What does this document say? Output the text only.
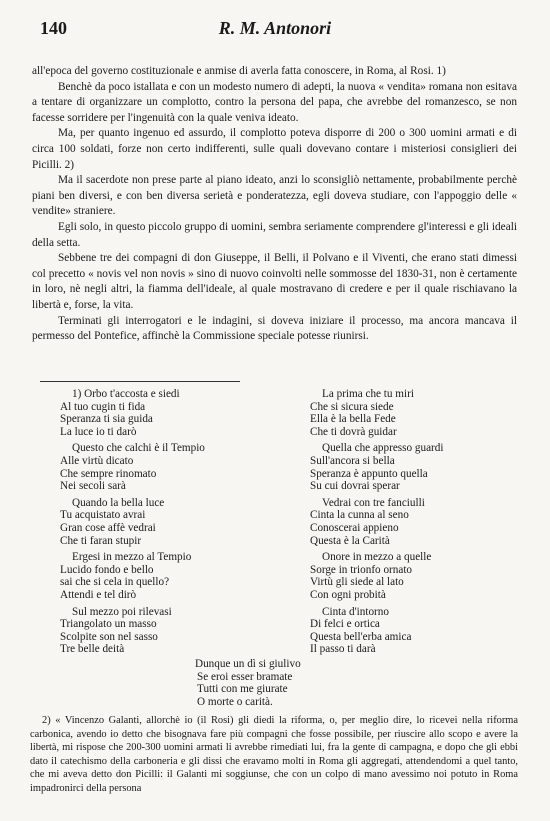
140	R. M. Antonori

all'epoca del governo costituzionale e anmise di averla fatta conoscere, in Roma, al Rosi. 1)

Benchè da poco istallata e con un modesto numero di adepti, la nuova « vendita» romana non esitava a tentare di organizzare un complotto, contro la persona del papa, che avrebbe del romanzesco, se non facesse sorridere per l'ingenuità con la quale veniva ideato.

Ma, per quanto ingenuo ed assurdo, il complotto poteva disporre di 200 o 300 uomini armati e di circa 100 soldati, forze non certo indifferenti, sulle quali dovevano contare i misteriosi consiglieri dei Picilli. 2)

Ma il sacerdote non prese parte al piano ideato, anzi lo sconsigliò nettamente, probabilmente perchè piani ben diversi, e con ben diversa serietà e ponderatezza, egli doveva studiare, con l'appoggio delle « vendite» straniere.

Egli solo, in questo piccolo gruppo di uomini, sembra seriamente comprendere gl'interessi e gli ideali della setta.

Sebbene tre dei compagni di don Giuseppe, il Belli, il Polvano e il Viventi, che erano stati dimessi col precetto « novis vel non novis » sino di nuovo coinvolti nelle sommosse del 1830-31, non è certamente in loro, nè negli altri, la fiamma dell'ideale, al quale mostravano di credere e per il quale rischiavano la libertà e, forse, la vita.

Terminati gli interrogatori e le indagini, si doveva iniziare il processo, ma ancora mancava il permesso del Pontefice, affinchè la Commissione speciale potesse riunirsi.

1) Orbo t'accosta e siedi
Al tuo cugin ti fida
Speranza ti sia guida
La luce io ti darò
Questo che calchi è il Tempio
Alle virtù dicato
Che sempre rinomato
Nei secoli sarà
Quando la bella luce
Tu acquistato avrai
Gran cose affè vedrai
Che ti faran stupir
Ergesi in mezzo al Tempio
Lucido fondo e bello
sai che si cela in quello?
Attendi e tel dirò
Sul mezzo poi rilevasi
Triangolato un masso
Scolpite son nel sasso
Tre belle deità
La prima che tu miri
Che si sicura siede
Ella è la bella Fede
Che ti dovrà guidar
Quella che appresso guardi
Sull'ancora si bella
Speranza è appunto quella
Su cui dovrai sperar
Vedrai con tre fanciulli
Cinta la cunna al seno
Conoscerai appieno
Questa è la Carità
Onore in mezzo a quelle
Sorge in trionfo ornato
Virtù gli siede al lato
Con ogni probità
Cinta d'intorno
Di felci e ortica
Questa bell'erba amica
Il passo ti darà
Dunque un dì si giulivo
Se eroi esser bramate
Tutti con me giurate
O morte o carità.

2) « Vincenzo Galanti, allorchè io (il Rosi) gli diedi la riforma, o, per meglio dire, lo ricevei nella riforma carbonica, avendo io detto che bisognava fare più compagni che fosse possibile, per riuscire allo scopo e avere la libertà, mi rispose che 200-300 uomini armati li avrebbe rimediati lui, fra la gente di campagna, e dopo che gli ebbi dato il catechismo della carboneria e gli dissi che eravamo molti in Roma gli aggregati, attendendomi a quel tanto, che mi aveva detto don Picilli: il Galanti mi soggiunse, che con un colpo di mano avessimo noi potuto in Roma impadronirci della persona
